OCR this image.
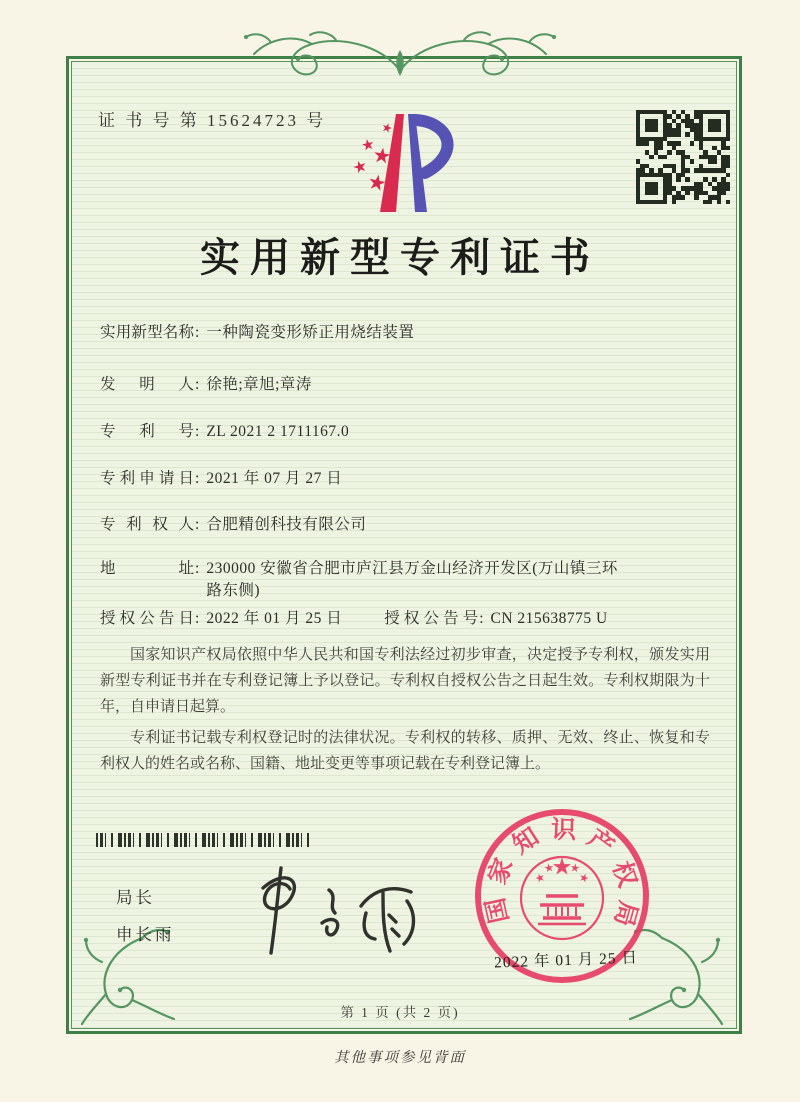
证 书 号 第 15624723 号
实用新型专利证书
实用新型名称 : 一种陶瓷变形矫正用烧结装置
发明人 : 徐艳;章旭;章涛
专利号 : ZL 2021 2 1711167.0
专利申请日 : 2021 年 07 月 27 日
专利权人 : 合肥精创科技有限公司
地址 : 230000 安徽省合肥市庐江县万金山经济开发区(万山镇三环路东侧)
授权公告日 : 2022 年 01 月 25 日	授权公告号 : CN 215638775 U

国家知识产权局依照中华人民共和国专利法经过初步审查，决定授予专利权，颁发实用新型专利证书并在专利登记簿上予以登记。专利权自授权公告之日起生效。专利权期限为十年，自申请日起算。

专利证书记载专利权登记时的法律状况。专利权的转移、质押、无效、终止、恢复和专利权人的姓名或名称、国籍、地址变更等事项记载在专利登记簿上。

局长
申长雨
国家知识产权局
2022 年 01 月 25 日
第 1 页 (共 2 页)
其他事项参见背面
